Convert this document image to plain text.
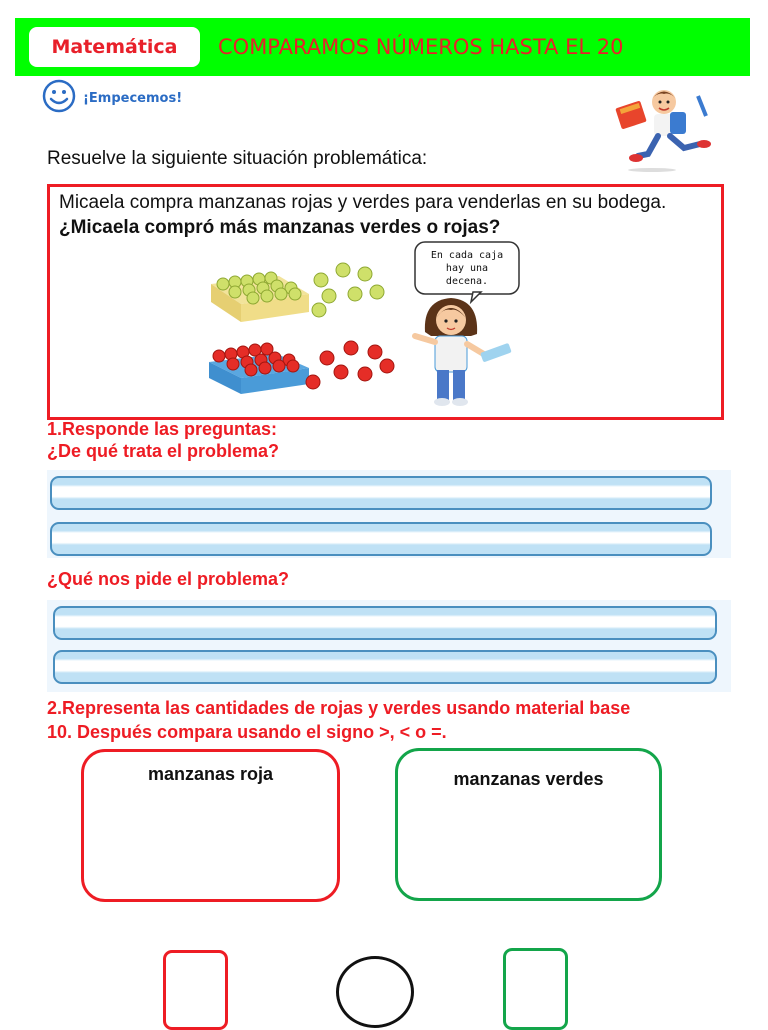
Matemática	COMPARAMOS NÚMEROS HASTA EL 20
¡Empecemos!
Resuelve la siguiente situación problemática:
Micaela compra manzanas rojas y verdes para venderlas en su bodega. ¿Micaela compró más manzanas verdes o rojas?
En cada caja
hay una
decena.
1.Responde las preguntas:
¿De qué trata el problema?
¿Qué nos pide el problema?
2.Representa las cantidades de rojas y verdes usando material base
10. Después compara usando el signo >, < o =.
manzanas roja	manzanas verdes
